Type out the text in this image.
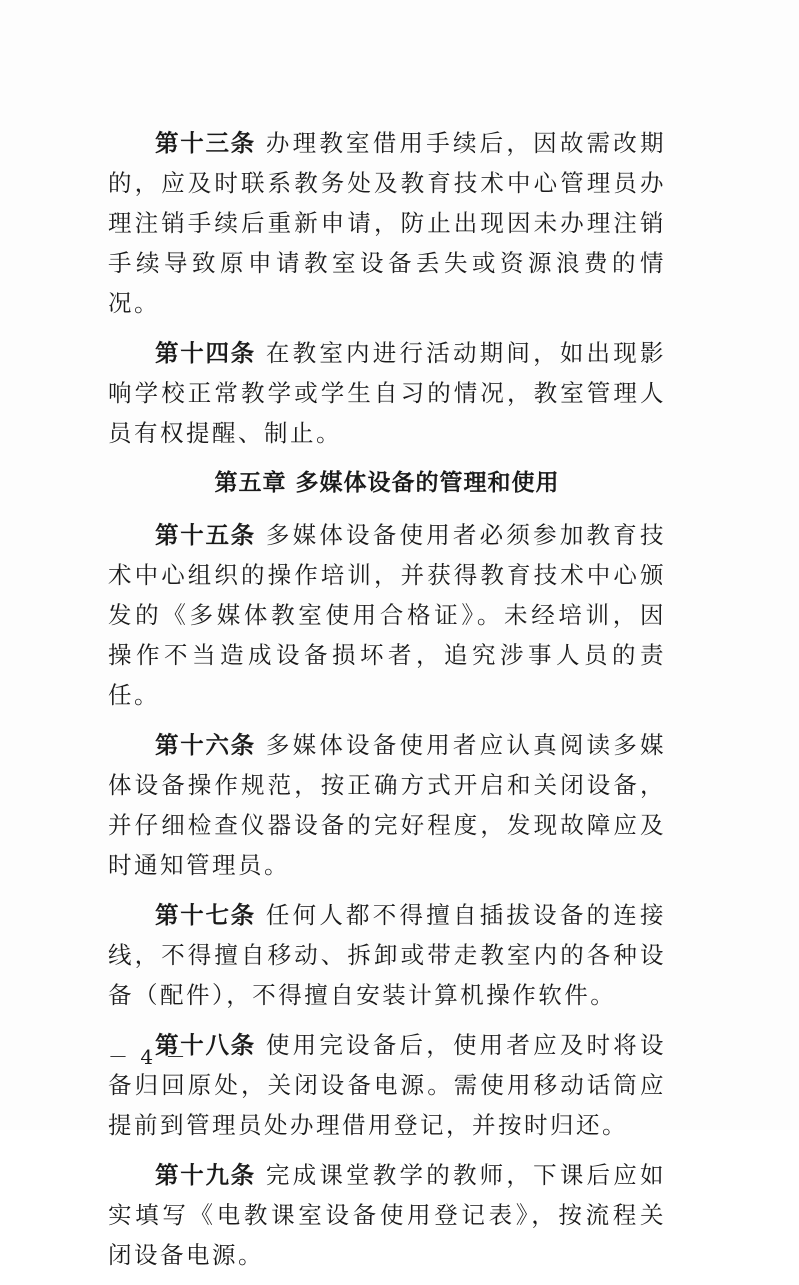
第十三条 办理教室借用手续后，因故需改期的，应及时联系教务处及教育技术中心管理员办理注销手续后重新申请，防止出现因未办理注销手续导致原申请教室设备丢失或资源浪费的情况。

第十四条 在教室内进行活动期间，如出现影响学校正常教学或学生自习的情况，教室管理人员有权提醒、制止。

第五章 多媒体设备的管理和使用

第十五条 多媒体设备使用者必须参加教育技术中心组织的操作培训，并获得教育技术中心颁发的《多媒体教室使用合格证》。未经培训，因操作不当造成设备损坏者，追究涉事人员的责任。

第十六条 多媒体设备使用者应认真阅读多媒体设备操作规范，按正确方式开启和关闭设备，并仔细检查仪器设备的完好程度，发现故障应及时通知管理员。

第十七条 任何人都不得擅自插拔设备的连接线，不得擅自移动、拆卸或带走教室内的各种设备（配件），不得擅自安装计算机操作软件。

第十八条 使用完设备后，使用者应及时将设备归回原处，关闭设备电源。需使用移动话筒应提前到管理员处办理借用登记，并按时归还。

第十九条 完成课堂教学的教师，下课后应如实填写《电教课室设备使用登记表》，按流程关闭设备电源。

－ 4 －
